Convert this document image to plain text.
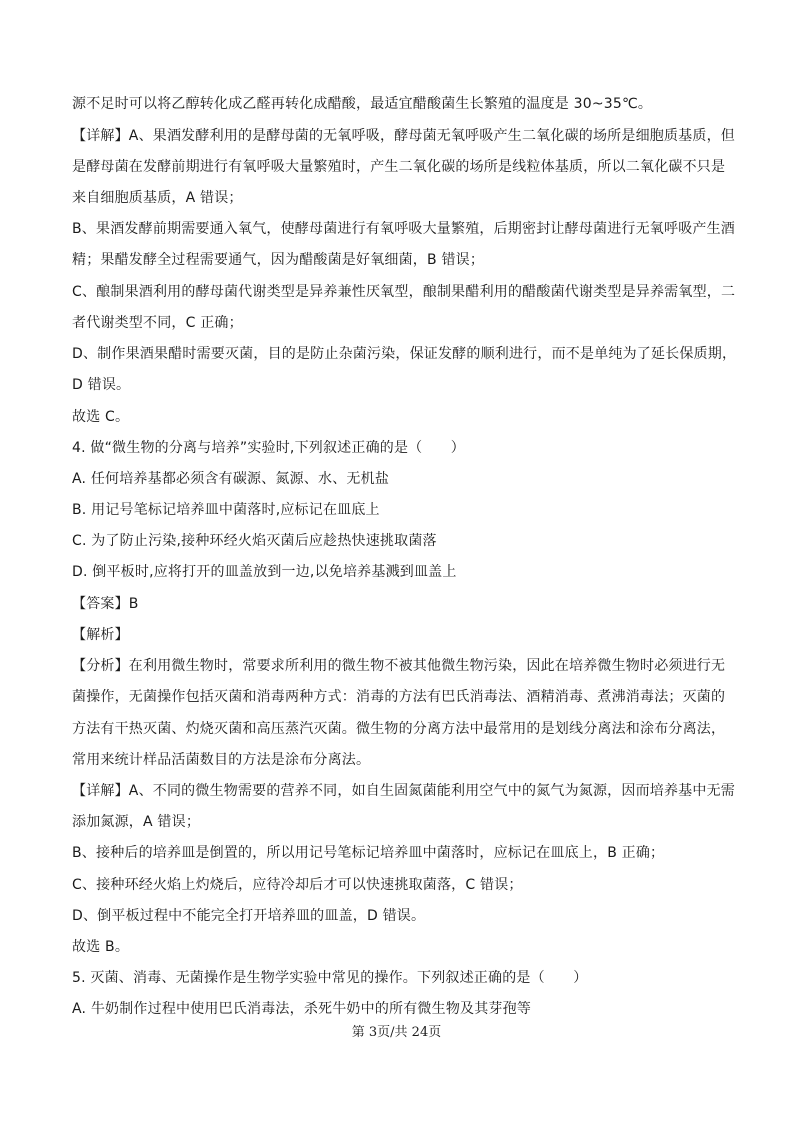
源不足时可以将乙醇转化成乙醛再转化成醋酸，最适宜醋酸菌生长繁殖的温度是 30~35℃。
【详解】A、果酒发酵利用的是酵母菌的无氧呼吸，酵母菌无氧呼吸产生二氧化碳的场所是细胞质基质，但
是酵母菌在发酵前期进行有氧呼吸大量繁殖时，产生二氧化碳的场所是线粒体基质，所以二氧化碳不只是
来自细胞质基质，A 错误；
B、果酒发酵前期需要通入氧气，使酵母菌进行有氧呼吸大量繁殖，后期密封让酵母菌进行无氧呼吸产生酒
精；果醋发酵全过程需要通气，因为醋酸菌是好氧细菌，B 错误；
C、酿制果酒利用的酵母菌代谢类型是异养兼性厌氧型，酿制果醋利用的醋酸菌代谢类型是异养需氧型，二
者代谢类型不同，C 正确；
D、制作果酒果醋时需要灭菌，目的是防止杂菌污染，保证发酵的顺利进行，而不是单纯为了延长保质期，
D 错误。
故选 C。
4. 做“微生物的分离与培养”实验时,下列叙述正确的是（　　）
A. 任何培养基都必须含有碳源、氮源、水、无机盐
B. 用记号笔标记培养皿中菌落时,应标记在皿底上
C. 为了防止污染,接种环经火焰灭菌后应趁热快速挑取菌落
D. 倒平板时,应将打开的皿盖放到一边,以免培养基溅到皿盖上
【答案】B
【解析】
【分析】在利用微生物时，常要求所利用的微生物不被其他微生物污染，因此在培养微生物时必须进行无
菌操作，无菌操作包括灭菌和消毒两种方式：消毒的方法有巴氏消毒法、酒精消毒、煮沸消毒法；灭菌的
方法有干热灭菌、灼烧灭菌和高压蒸汽灭菌。微生物的分离方法中最常用的是划线分离法和涂布分离法，
常用来统计样品活菌数目的方法是涂布分离法。
【详解】A、不同的微生物需要的营养不同，如自生固氮菌能利用空气中的氮气为氮源，因而培养基中无需
添加氮源，A 错误；
B、接种后的培养皿是倒置的，所以用记号笔标记培养皿中菌落时，应标记在皿底上，B 正确；
C、接种环经火焰上灼烧后，应待冷却后才可以快速挑取菌落，C 错误；
D、倒平板过程中不能完全打开培养皿的皿盖，D 错误。
故选 B。
5. 灭菌、消毒、无菌操作是生物学实验中常见的操作。下列叙述正确的是（　　）
A. 牛奶制作过程中使用巴氏消毒法，杀死牛奶中的所有微生物及其芽孢等
第 3页/共 24页
